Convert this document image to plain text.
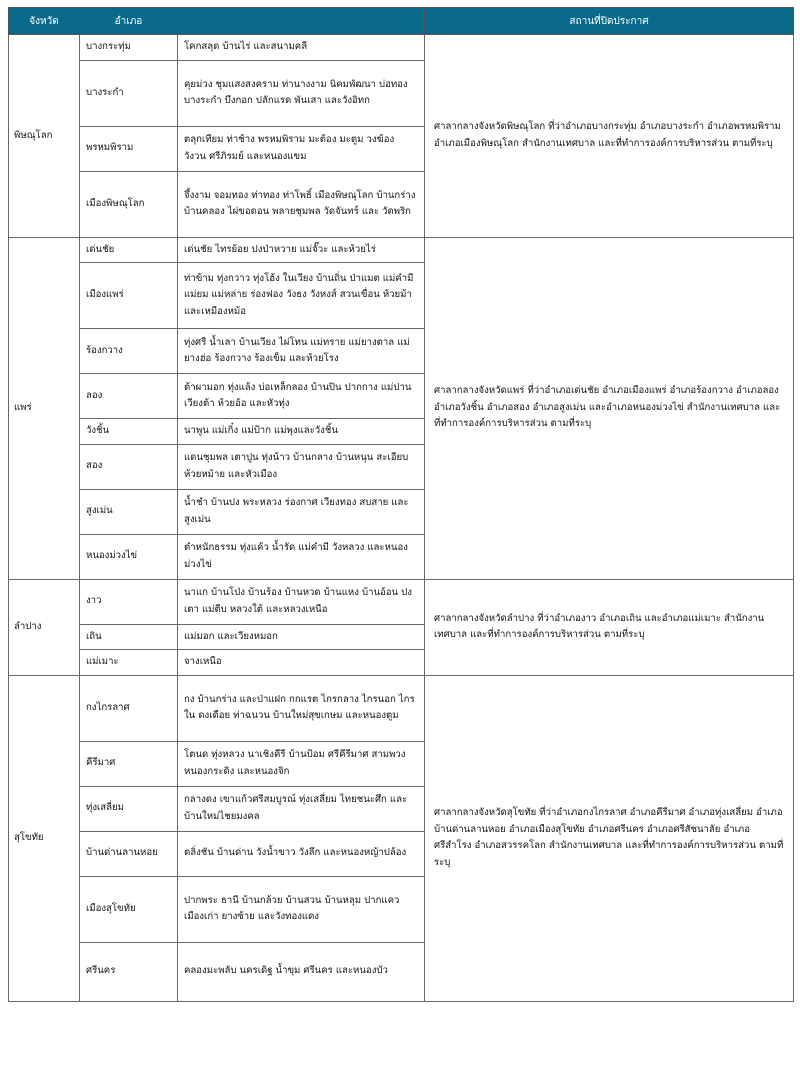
จังหวัด	อำเภอ		สถานที่ปิดประกาศ
พิษณุโลก	บางกระทุ่ม	โคกสลุด บ้านไร่ และสนามคลี	ศาลากลางจังหวัดพิษณุโลก ที่ว่าอำเภอบางกระทุ่ม อำเภอบางระกำ อำเภอพรหมพิราม อำเภอเมืองพิษณุโลก สำนักงานเทศบาล และที่ทำการองค์การบริหารส่วน ตามที่ระบุ
	บางระกำ	คุยม่วง ชุมแสงสงคราม ท่านางงาม นิคมพัฒนา บ่อทอง บางระกำ บึงกอก ปลักแรด พันเสา และวังอิทก	
	พรหมพิราม	ตลุกเทียม ท่าช้าง พรหมพิราม มะต้อง มะตูม วงฆ้อง วังวน ศรีภิรมย์ และหนองแขม	
	เมืองพิษณุโลก	จึ้งงาม จอมทอง ท่าทอง ท่าโพธิ์ เมืองพิษณุโลก บ้านกร่าง บ้านคลอง ไผ่ขอดอน พลายชุมพล วัดจันทร์ และ วัดพริก	
แพร่	เด่นชัย	เด่นชัย ไทรย้อย ปงป่าหวาย แม่จั๊วะ และห้วยไร่	ศาลากลางจังหวัดแพร่ ที่ว่าอำเภอเด่นชัย อำเภอเมืองแพร่ อำเภอร้องกวาง อำเภอลอง อำเภอวังชิ้น อำเภอสอง อำเภอสูงเม่น และอำเภอหนองม่วงไข่ สำนักงานเทศบาล และที่ทำการองค์การบริหารส่วน ตามที่ระบุ
	เมืองแพร่	ท่าข้าม ทุ่งกวาว ทุ่งโฮ้ง ในเวียง บ้านถิ่น ป่าแมต แม่คำมี แม่ยม แม่หล่าย ร่องฟอง วังธง วังหงส์ สวนเขื่อน ห้วยม้า และเหมืองหม้อ	
	ร้องกวาง	ทุ่งศรี น้ำเลา บ้านเวียง ไผ่โทน แม่ทราย แม่ยางตาล แม่ยางฮ่อ ร้องกวาง ร้องเข็ม และห้วยโรง	
	ลอง	ต้าผามอก ทุ่งแล้ง บ่อเหล็กลอง บ้านปิน ปากกาง แม่ปาน เวียงต้า ห้วยอ้อ และหัวทุ่ง	
	วังชิ้น	นาพูน แม่เกิ๋ง แม่ป้าก แม่พุงและวังชิ้น	
	สอง	แดนชุมพล เตาปูน ทุ่งน้าว บ้านกลาง บ้านหนุน สะเอียบ ห้วยหม้าย และหัวเมือง	
	สูงเม่น	น้ำชำ บ้านปง พระหลวง ร่องกาศ เวียงทอง สบสาย และสูงเม่น	
	หนองม่วงไข่	ตำหนักธรรม ทุ่งแค้ว น้ำรัด แม่คำมี วังหลวง และหนองม่วงไข่	
ลำปาง	งาว	นาแก บ้านโป่ง บ้านร้อง บ้านหวด บ้านแหง บ้านอ้อน ปงเตา แม่ตีบ หลวงใต้ และหลวงเหนือ	ศาลากลางจังหวัดลำปาง ที่ว่าอำเภองาว อำเภอเถิน และอำเภอแม่เมาะ สำนักงานเทศบาล และที่ทำการองค์การบริหารส่วน ตามที่ระบุ
	เถิน	แม่มอก และเวียงหมอก	
	แม่เมาะ	จางเหนือ	
สุโขทัย	กงไกรลาศ	กง บ้านกร่าง และป่าแฝก กกแรต ไกรกลาง ไกรนอก ไกรใน ดงเดือย ท่าฉนวน บ้านใหม่สุขเกษม และหนองตูม	ศาลากลางจังหวัดสุโขทัย ที่ว่าอำเภอกงไกรลาศ อำเภอคีรีมาศ อำเภอทุ่งเสลี่ยม อำเภอบ้านด่านลานหอย อำเภอเมืองสุโขทัย อำเภอศรีนคร อำเภอศรีสัชนาลัย อำเภอศรีสำโรง อำเภอสวรรคโลก สำนักงานเทศบาล และที่ทำการองค์การบริหารส่วน ตามที่ระบุ
	คีรีมาศ	โตนด ทุ่งหลวง นาเชิงคีรี บ้านป้อม ศรีคีรีมาศ สามพวง หนองกระดิง และหนองจิก	
	ทุ่งเสลี่ยม	กลางดง เขาแก้วศรีสมบูรณ์ ทุ่งเสลี่ยม ไทยชนะศึก และบ้านใหม่ไชยมงคล	
	บ้านด่านลานหอย	ตลิ่งชัน บ้านด่าน วังน้ำขาว วังลึก และหนองหญ้าปล้อง	
	เมืองสุโขทัย	ปากพระ ธานี บ้านกล้วย บ้านสวน บ้านหลุม ปากแคว เมืองเก่า ยางซ้าย และวังทองแดง	
	ศรีนคร	คลองมะพลับ นครเดิฐ น้ำขุม ศรีนคร และหนองบัว	
